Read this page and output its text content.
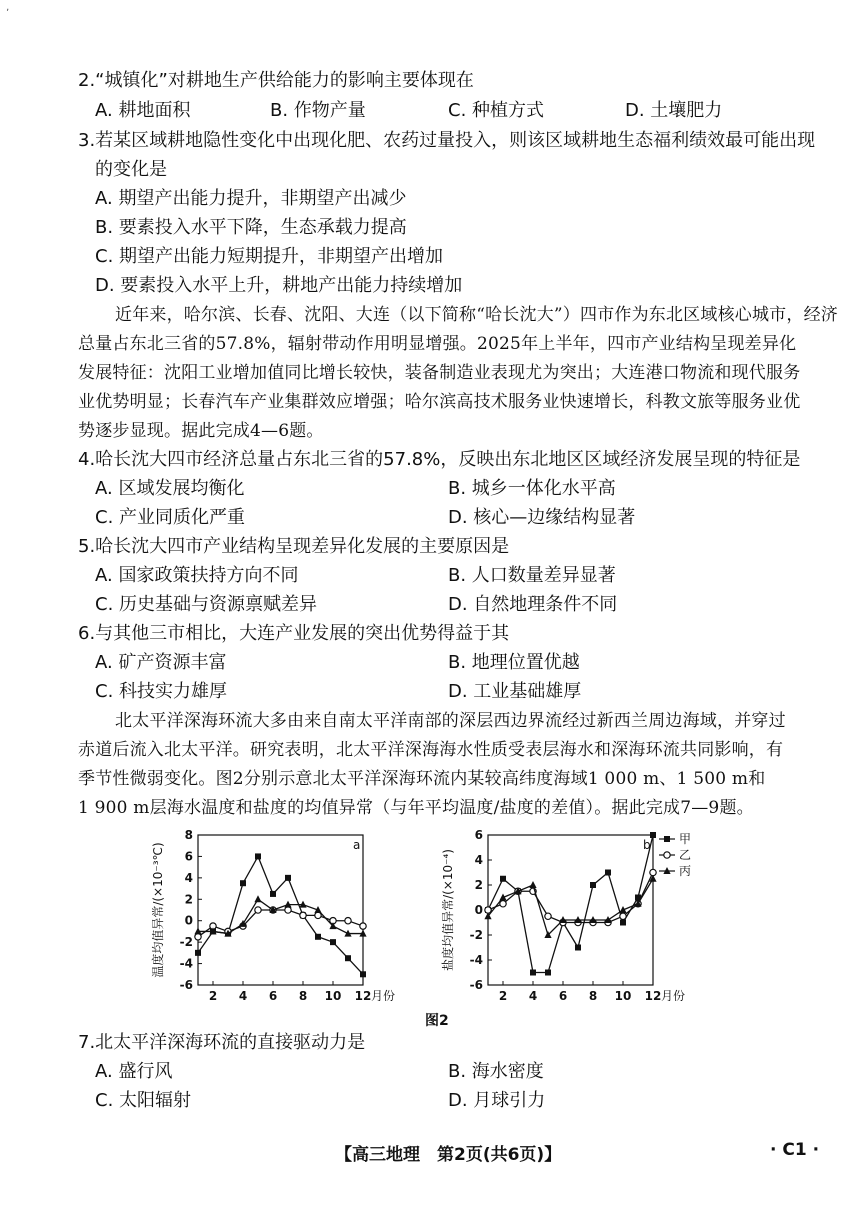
ʼ
2.“城镇化”对耕地生产供给能力的影响主要体现在
A. 耕地面积	B. 作物产量	C. 种植方式	D. 土壤肥力
3.若某区域耕地隐性变化中出现化肥、农药过量投入，则该区域耕地生态福利绩效最可能出现
的变化是
A. 期望产出能力提升，非期望产出减少
B. 要素投入水平下降，生态承载力提高
C. 期望产出能力短期提升，非期望产出增加
D. 要素投入水平上升，耕地产出能力持续增加
近年来，哈尔滨、长春、沈阳、大连（以下简称“哈长沈大”）四市作为东北区域核心城市，经济
总量占东北三省的57.8%，辐射带动作用明显增强。2025年上半年，四市产业结构呈现差异化
发展特征：沈阳工业增加值同比增长较快，装备制造业表现尤为突出；大连港口物流和现代服务
业优势明显；长春汽车产业集群效应增强；哈尔滨高技术服务业快速增长，科教文旅等服务业优
势逐步显现。据此完成4—6题。
4.哈长沈大四市经济总量占东北三省的57.8%，反映出东北地区区域经济发展呈现的特征是
A. 区域发展均衡化	B. 城乡一体化水平高
C. 产业同质化严重	D. 核心—边缘结构显著
5.哈长沈大四市产业结构呈现差异化发展的主要原因是
A. 国家政策扶持方向不同	B. 人口数量差异显著
C. 历史基础与资源禀赋差异	D. 自然地理条件不同
6.与其他三市相比，大连产业发展的突出优势得益于其
A. 矿产资源丰富	B. 地理位置优越
C. 科技实力雄厚	D. 工业基础雄厚
北太平洋深海环流大多由来自南太平洋南部的深层西边界流经过新西兰周边海域，并穿过
赤道后流入北太平洋。研究表明，北太平洋深海海水性质受表层海水和深海环流共同影响，有
季节性微弱变化。图2分别示意北太平洋深海环流内某较高纬度海域1 000 m、1 500 m和
1 900 m层海水温度和盐度的均值异常（与年平均温度/盐度的差值）。据此完成7—9题。
-6
-4
-2
0
2
4
6
8
2 4 6 8 10 12 月份
温度均值异常/(×10⁻³℃)	a
-6
-4
-2
0
2
4
6
2 4 6 8 10 12 月份
盐度均值异常/(×10⁻⁴)
b 甲
乙
丙
图2
7.北太平洋深海环流的直接驱动力是
A. 盛行风	B. 海水密度
C. 太阳辐射	D. 月球引力
【高三地理　第2页(共6页)】	· C1 ·
